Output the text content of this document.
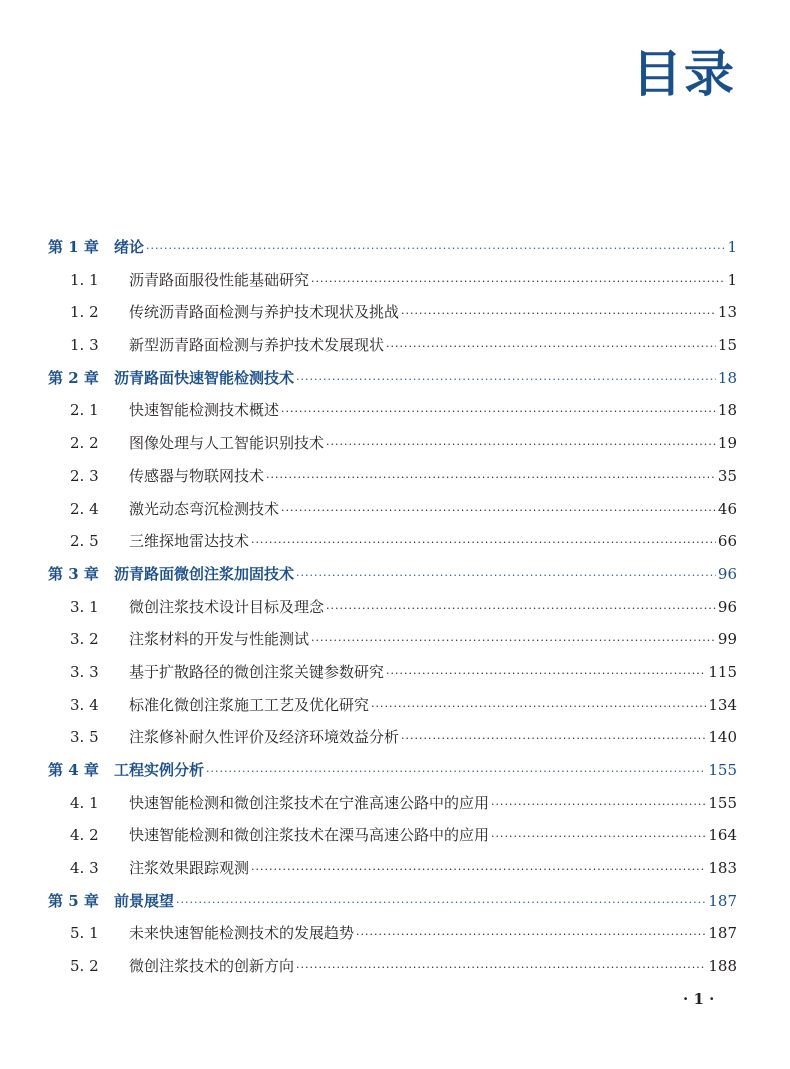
目录
第 1 章	绪论 ·····	1
1. 1	沥青路面服役性能基础研究 ·····	1
1. 2	传统沥青路面检测与养护技术现状及挑战 ·····	13
1. 3	新型沥青路面检测与养护技术发展现状 ·····	15
第 2 章	沥青路面快速智能检测技术 ·····	18
2. 1	快速智能检测技术概述 ·····	18
2. 2	图像处理与人工智能识别技术 ·····	19
2. 3	传感器与物联网技术 ·····	35
2. 4	激光动态弯沉检测技术 ·····	46
2. 5	三维探地雷达技术 ·····	66
第 3 章	沥青路面微创注浆加固技术 ·····	96
3. 1	微创注浆技术设计目标及理念 ·····	96
3. 2	注浆材料的开发与性能测试 ·····	99
3. 3	基于扩散路径的微创注浆关键参数研究 ·····	115
3. 4	标准化微创注浆施工工艺及优化研究 ·····	134
3. 5	注浆修补耐久性评价及经济环境效益分析 ·····	140
第 4 章	工程实例分析 ·····	155
4. 1	快速智能检测和微创注浆技术在宁淮高速公路中的应用 ·····	155
4. 2	快速智能检测和微创注浆技术在溧马高速公路中的应用 ·····	164
4. 3	注浆效果跟踪观测 ·····	183
第 5 章	前景展望 ·····	187
5. 1	未来快速智能检测技术的发展趋势 ·····	187
5. 2	微创注浆技术的创新方向 ·····	188
· 1 ·
